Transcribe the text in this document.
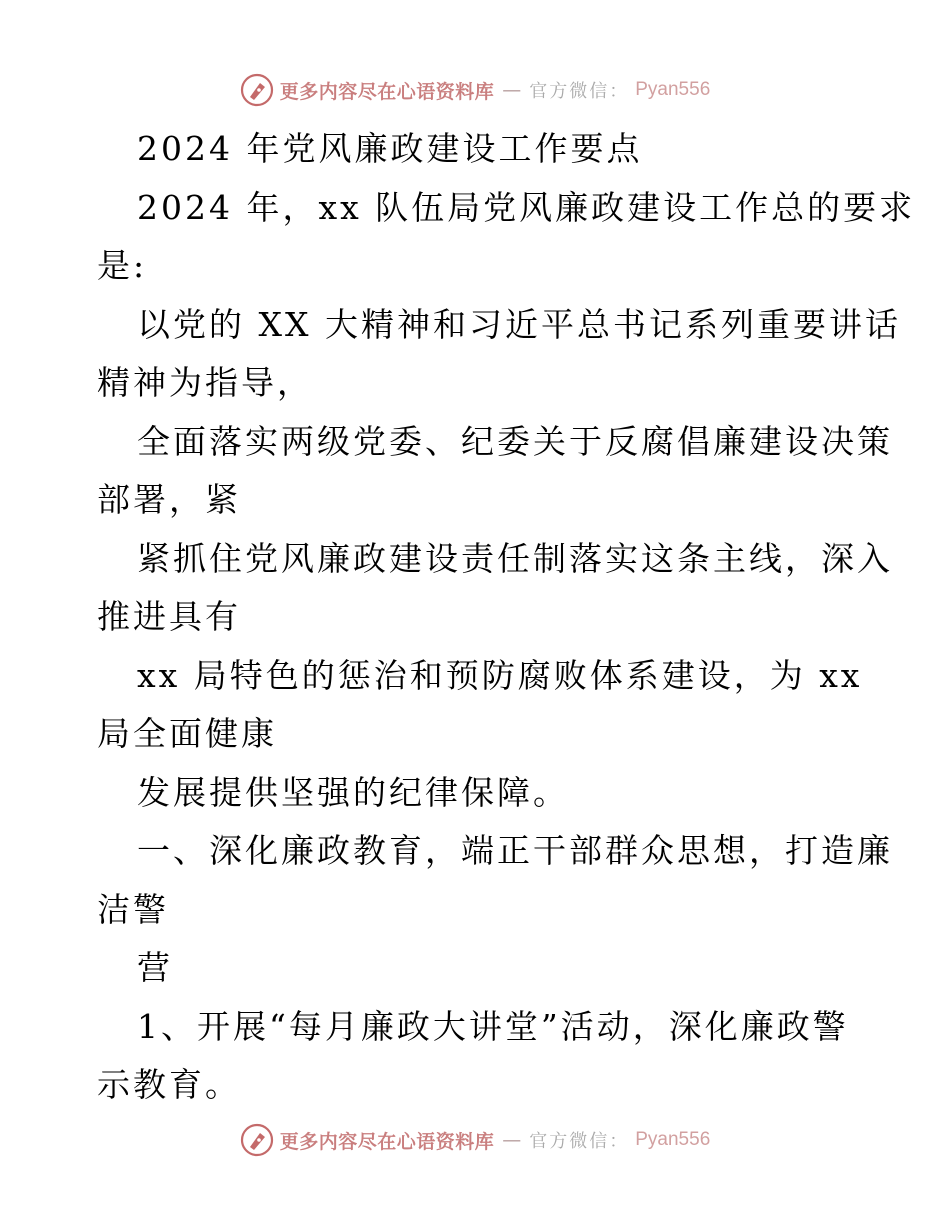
更多内容尽在心语资料库 — 官方微信： Pyan556
2024 年党风廉政建设工作要点
2024 年，xx 队伍局党风廉政建设工作总的要求
是:
以党的 XX 大精神和习近平总书记系列重要讲话
精神为指导，
全面落实两级党委、纪委关于反腐倡廉建设决策
部署，紧
紧抓住党风廉政建设责任制落实这条主线，深入
推进具有
xx 局特色的惩治和预防腐败体系建设，为 xx
局全面健康
发展提供坚强的纪律保障。
一、深化廉政教育，端正干部群众思想，打造廉
洁警
营
1、开展“每月廉政大讲堂”活动，深化廉政警
示教育。
更多内容尽在心语资料库 — 官方微信： Pyan556
